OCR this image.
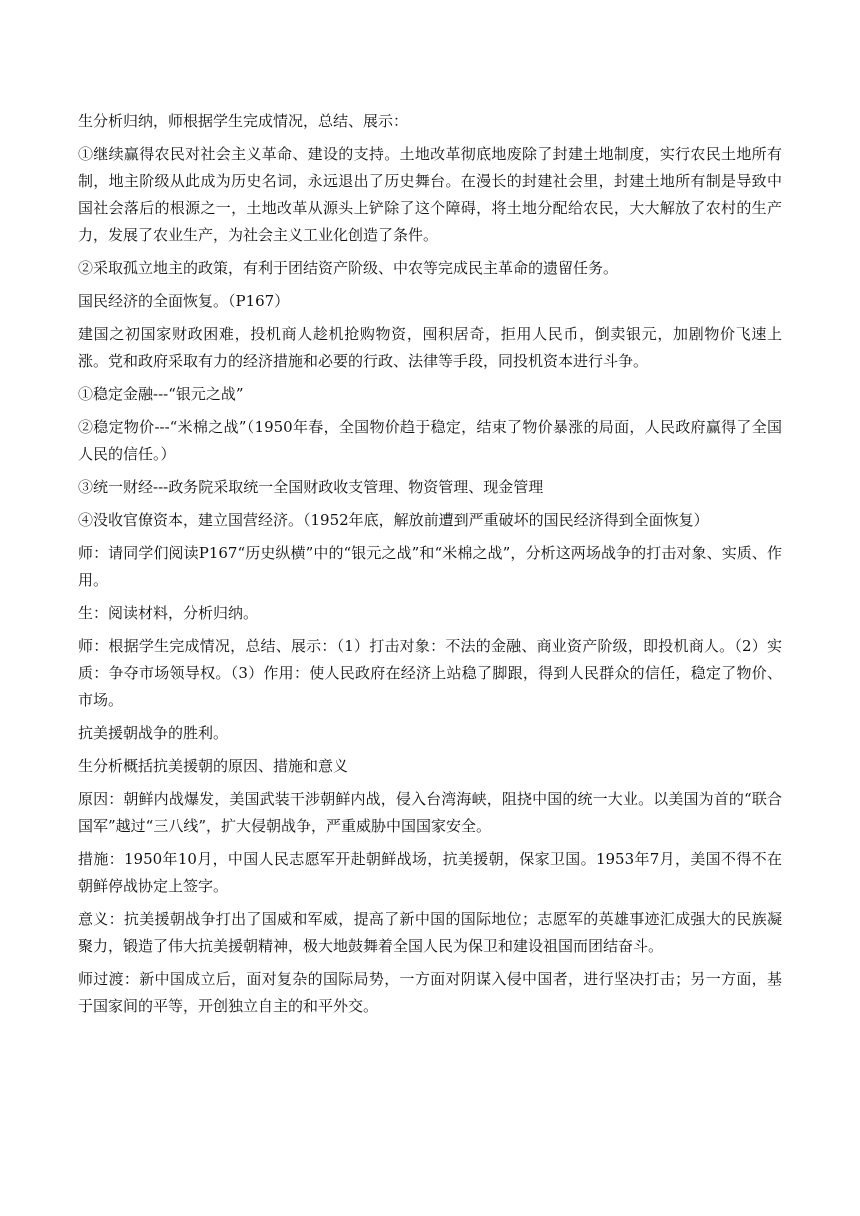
生分析归纳，师根据学生完成情况，总结、展示：

①继续赢得农民对社会主义革命、建设的支持。土地改革彻底地废除了封建土地制度，实行农民土地所有制，地主阶级从此成为历史名词，永远退出了历史舞台。在漫长的封建社会里，封建土地所有制是导致中国社会落后的根源之一，土地改革从源头上铲除了这个障碍，将土地分配给农民，大大解放了农村的生产力，发展了农业生产，为社会主义工业化创造了条件。

②采取孤立地主的政策，有利于团结资产阶级、中农等完成民主革命的遗留任务。

国民经济的全面恢复。（P167）

建国之初国家财政困难，投机商人趁机抢购物资，囤积居奇，拒用人民币，倒卖银元，加剧物价飞速上涨。党和政府采取有力的经济措施和必要的行政、法律等手段，同投机资本进行斗争。

①稳定金融---“银元之战”

②稳定物价---“米棉之战”（1950年春，全国物价趋于稳定，结束了物价暴涨的局面，人民政府赢得了全国人民的信任。）

③统一财经---政务院采取统一全国财政收支管理、物资管理、现金管理

④没收官僚资本，建立国营经济。（1952年底，解放前遭到严重破坏的国民经济得到全面恢复）

师：请同学们阅读P167“历史纵横”中的“银元之战”和“米棉之战”，分析这两场战争的打击对象、实质、作用。

生：阅读材料，分析归纳。

师：根据学生完成情况，总结、展示：（1）打击对象：不法的金融、商业资产阶级，即投机商人。（2）实质：争夺市场领导权。（3）作用：使人民政府在经济上站稳了脚跟，得到人民群众的信任，稳定了物价、市场。

抗美援朝战争的胜利。

生分析概括抗美援朝的原因、措施和意义

原因：朝鲜内战爆发，美国武装干涉朝鲜内战，侵入台湾海峡，阻挠中国的统一大业。以美国为首的“联合国军”越过“三八线”，扩大侵朝战争，严重威胁中国国家安全。

措施：1950年10月，中国人民志愿军开赴朝鲜战场，抗美援朝，保家卫国。1953年7月，美国不得不在朝鲜停战协定上签字。

意义：抗美援朝战争打出了国威和军威，提高了新中国的国际地位；志愿军的英雄事迹汇成强大的民族凝聚力，锻造了伟大抗美援朝精神，极大地鼓舞着全国人民为保卫和建设祖国而团结奋斗。

师过渡：新中国成立后，面对复杂的国际局势，一方面对阴谋入侵中国者，进行坚决打击；另一方面，基于国家间的平等，开创独立自主的和平外交。
